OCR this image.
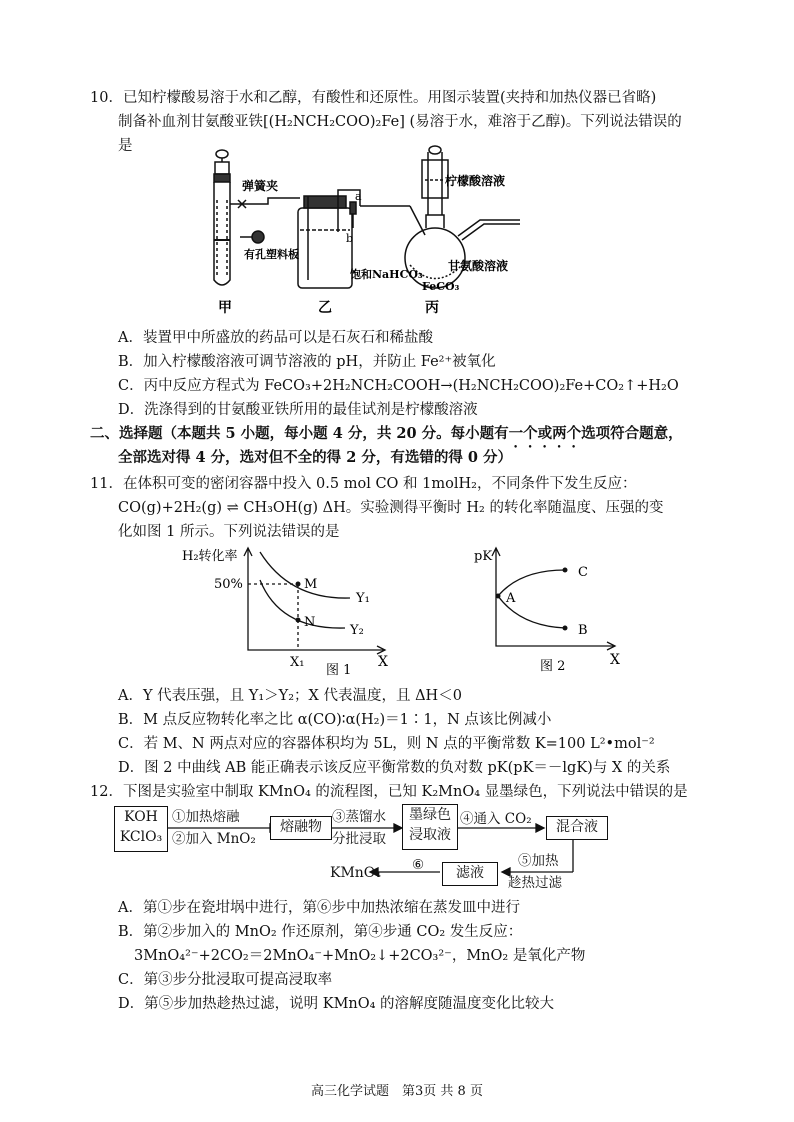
10．已知柠檬酸易溶于水和乙醇，有酸性和还原性。用图示装置(夹持和加热仪器已省略)
制备补血剂甘氨酸亚铁[(H₂NCH₂COO)₂Fe] (易溶于水，难溶于乙醇)。下列说法错误的
是
弹簧夹
有孔塑料板
饱和NaHCO₃
柠檬酸溶液
甘氨酸溶液
FeCO₃
a
b
甲	乙	丙
A．装置甲中所盛放的药品可以是石灰石和稀盐酸
B．加入柠檬酸溶液可调节溶液的 pH，并防止 Fe²⁺被氧化
C．丙中反应方程式为 FeCO₃+2H₂NCH₂COOH→(H₂NCH₂COO)₂Fe+CO₂↑+H₂O
D．洗涤得到的甘氨酸亚铁所用的最佳试剂是柠檬酸溶液
二、选择题（本题共 5 小题，每小题 4 分，共 20 分。每小题有一个或两个选项符合题意，
全部选对得 4 分，选对但不全的得 2 分，有选错的得 0 分）
11．在体积可变的密闭容器中投入 0.5 mol CO 和 1molH₂，不同条件下发生反应：
CO(g)+2H₂(g) ⇌ CH₃OH(g) ΔH。实验测得平衡时 H₂ 的转化率随温度、压强的变
化如图 1 所示。下列说法错误的是
H₂转化率
50%	M
N
Y₁
Y₂
X₁
图 1
X
pK
A
C
B
图 2	X
A．Y 代表压强，且 Y₁＞Y₂；X 代表温度，且 ΔH＜0
B．M 点反应物转化率之比 α(CO)∶α(H₂)＝1∶1，N 点该比例减小
C．若 M、N 两点对应的容器体积均为 5L，则 N 点的平衡常数 K=100 L²•mol⁻²
D．图 2 中曲线 AB 能正确表示该反应平衡常数的负对数 pK(pK＝－lgK)与 X 的关系
12．下图是实验室中制取 KMnO₄ 的流程图，已知 K₂MnO₄ 显墨绿色，下列说法中错误的是
KOH
KClO₃
①加热熔融
②加入 MnO₂
熔融物
③蒸馏水
分批浸取
墨绿色
浸取液
④通入 CO₂	混合液
⑤加热
趁热过滤
滤液
⑥
KMnO₄
A．第①步在瓷坩埚中进行，第⑥步中加热浓缩在蒸发皿中进行
B．第②步加入的 MnO₂ 作还原剂，第④步通 CO₂ 发生反应：
3MnO₄²⁻+2CO₂＝2MnO₄⁻+MnO₂↓+2CO₃²⁻，MnO₂ 是氧化产物
C．第③步分批浸取可提高浸取率
D．第⑤步加热趁热过滤，说明 KMnO₄ 的溶解度随温度变化比较大
高三化学试题　第3页 共 8 页
